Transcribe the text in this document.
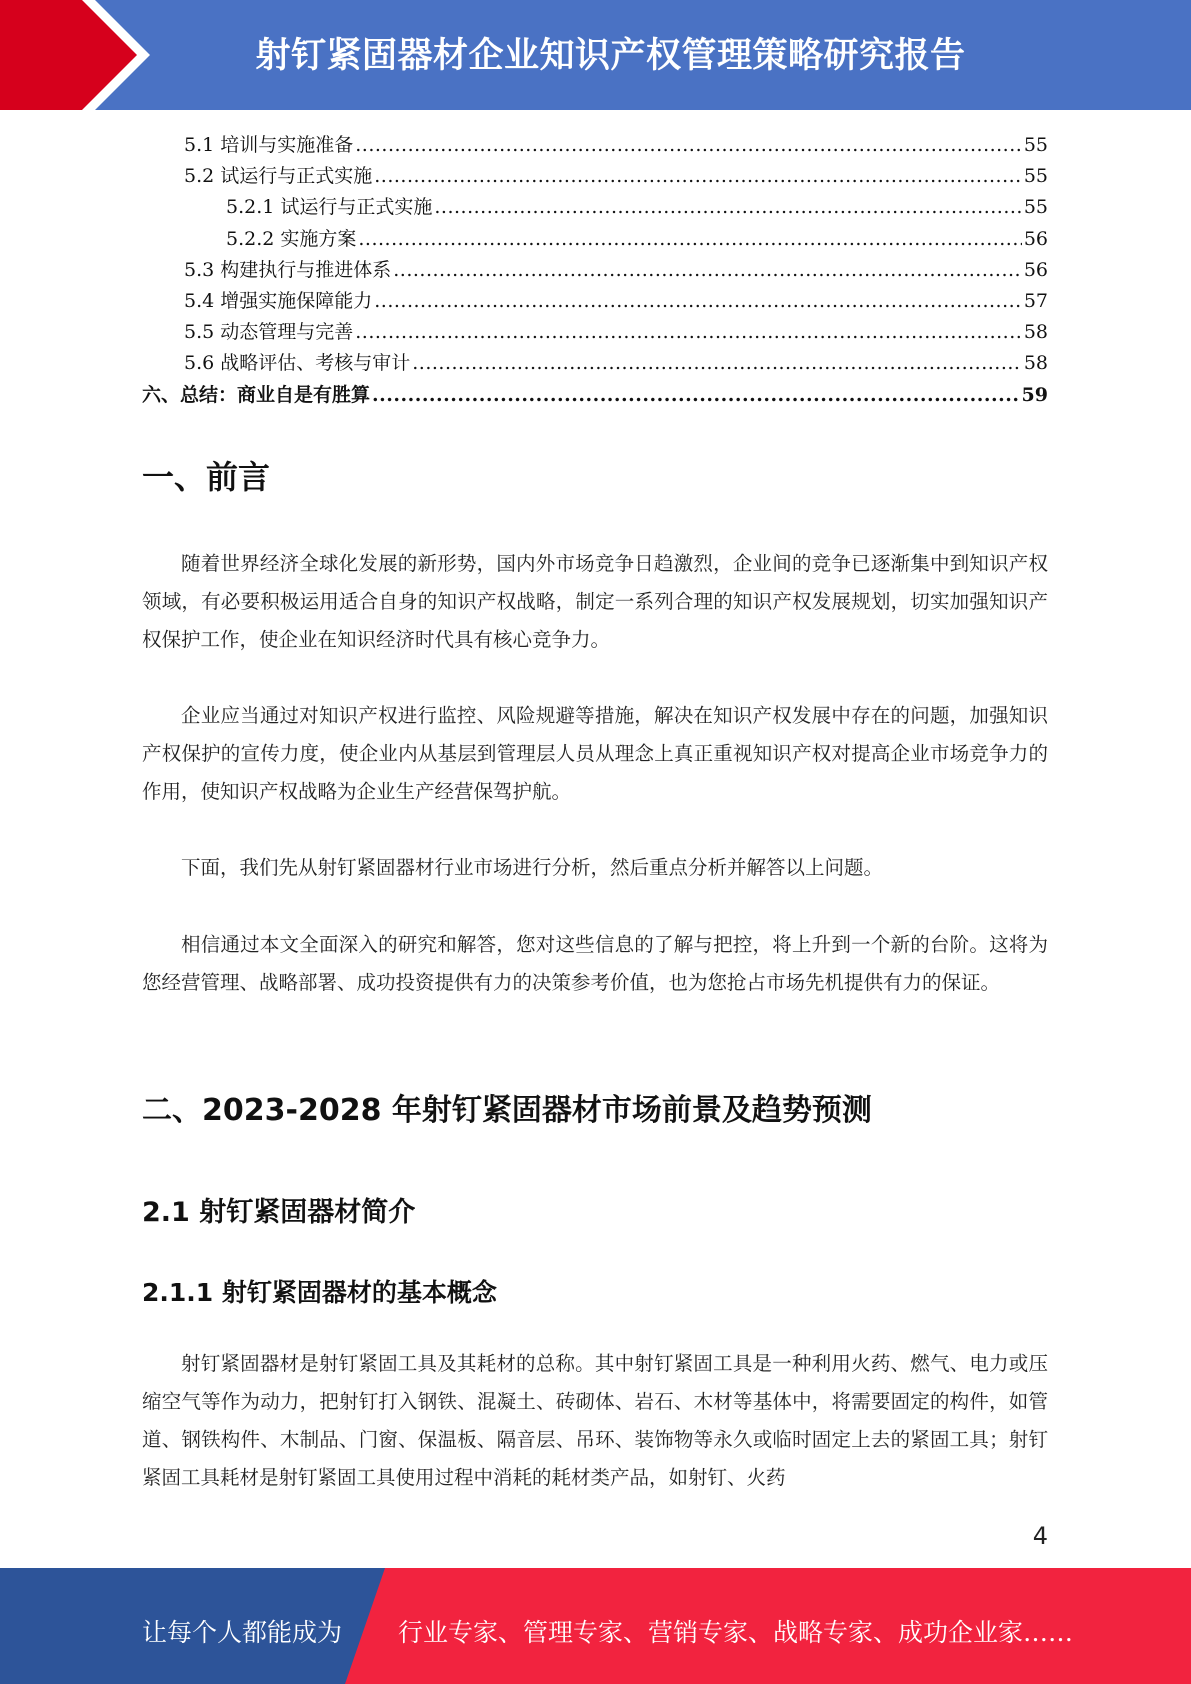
射钉紧固器材企业知识产权管理策略研究报告
5.1 培训与实施准备 .....	55
5.2 试运行与正式实施 .....	55
5.2.1 试运行与正式实施 .....	55
5.2.2 实施方案 .....	56
5.3 构建执行与推进体系 .....	56
5.4 增强实施保障能力 .....	57
5.5 动态管理与完善 .....	58
5.6 战略评估、考核与审计 .....	58
六、总结：商业自是有胜算 .....	59
一、前言

随着世界经济全球化发展的新形势，国内外市场竞争日趋激烈，企业间的竞争已逐渐集中到知识产权领域，有必要积极运用适合自身的知识产权战略，制定一系列合理的知识产权发展规划，切实加强知识产权保护工作，使企业在知识经济时代具有核心竞争力。

企业应当通过对知识产权进行监控、风险规避等措施，解决在知识产权发展中存在的问题，加强知识产权保护的宣传力度，使企业内从基层到管理层人员从理念上真正重视知识产权对提高企业市场竞争力的作用，使知识产权战略为企业生产经营保驾护航。

下面，我们先从射钉紧固器材行业市场进行分析，然后重点分析并解答以上问题。

相信通过本文全面深入的研究和解答，您对这些信息的了解与把控，将上升到一个新的台阶。这将为您经营管理、战略部署、成功投资提供有力的决策参考价值，也为您抢占市场先机提供有力的保证。

二、2023-2028 年射钉紧固器材市场前景及趋势预测
2.1 射钉紧固器材简介
2.1.1 射钉紧固器材的基本概念

射钉紧固器材是射钉紧固工具及其耗材的总称。其中射钉紧固工具是一种利用火药、燃气、电力或压缩空气等作为动力，把射钉打入钢铁、混凝土、砖砌体、岩石、木材等基体中，将需要固定的构件，如管道、钢铁构件、木制品、门窗、保温板、隔音层、吊环、装饰物等永久或临时固定上去的紧固工具；射钉紧固工具耗材是射钉紧固工具使用过程中消耗的耗材类产品，如射钉、火药

4
让每个人都能成为 行业专家、管理专家、营销专家、战略专家、成功企业家……
